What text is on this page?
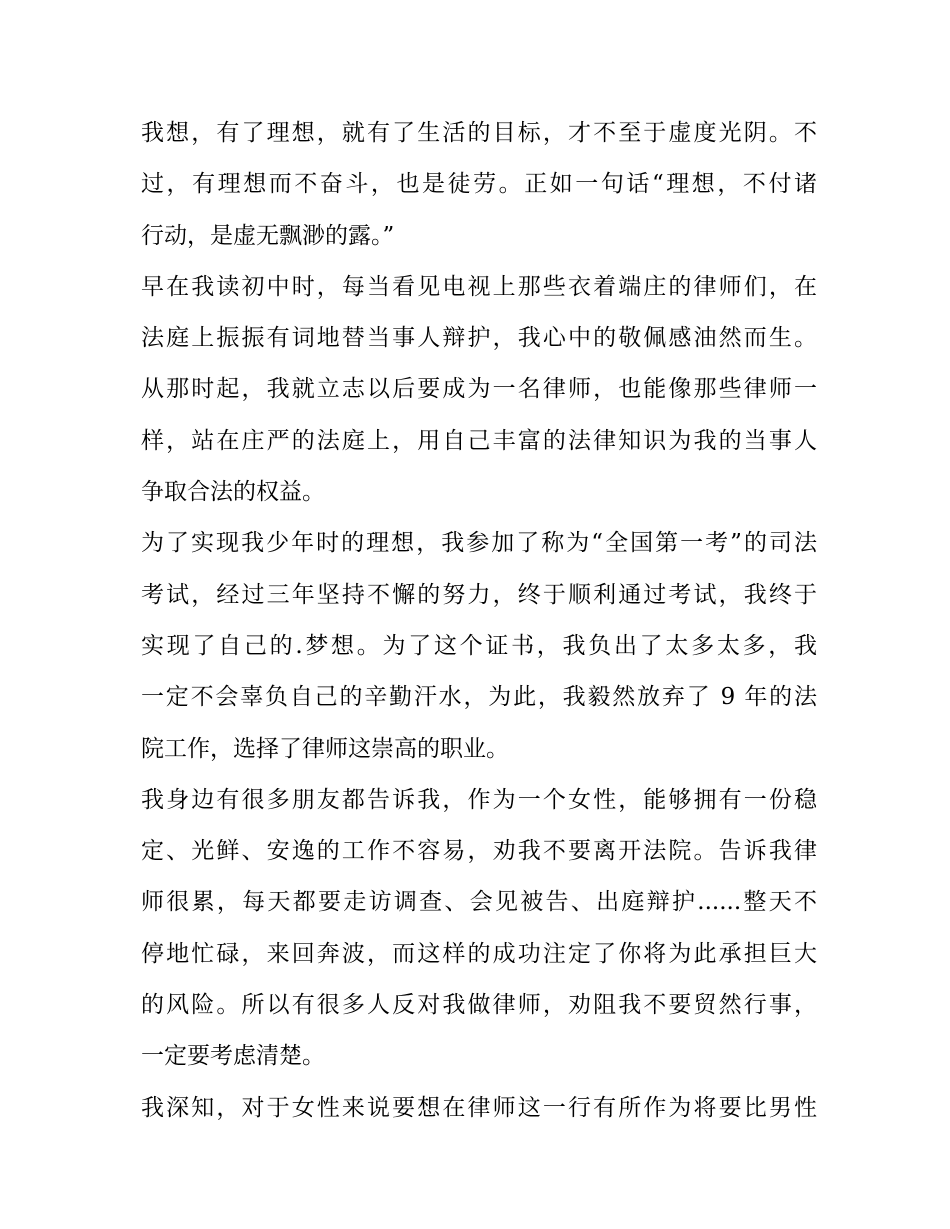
我想，有了理想，就有了生活的目标，才不至于虚度光阴。不
过，有理想而不奋斗，也是徒劳。正如一句话“理想，不付诸
行动，是虚无飘渺的露。”
早在我读初中时，每当看见电视上那些衣着端庄的律师们，在
法庭上振振有词地替当事人辩护，我心中的敬佩感油然而生。
从那时起，我就立志以后要成为一名律师，也能像那些律师一
样，站在庄严的法庭上，用自己丰富的法律知识为我的当事人
争取合法的权益。
为了实现我少年时的理想，我参加了称为“全国第一考”的司法
考试，经过三年坚持不懈的努力，终于顺利通过考试，我终于
实现了自己的.梦想。为了这个证书，我负出了太多太多，我
一定不会辜负自己的辛勤汗水，为此，我毅然放弃了 9 年的法
院工作，选择了律师这崇高的职业。
我身边有很多朋友都告诉我，作为一个女性，能够拥有一份稳
定、光鲜、安逸的工作不容易，劝我不要离开法院。告诉我律
师很累，每天都要走访调查、会见被告、出庭辩护......整天不
停地忙碌，来回奔波，而这样的成功注定了你将为此承担巨大
的风险。所以有很多人反对我做律师，劝阻我不要贸然行事，
一定要考虑清楚。
我深知，对于女性来说要想在律师这一行有所作为将要比男性
